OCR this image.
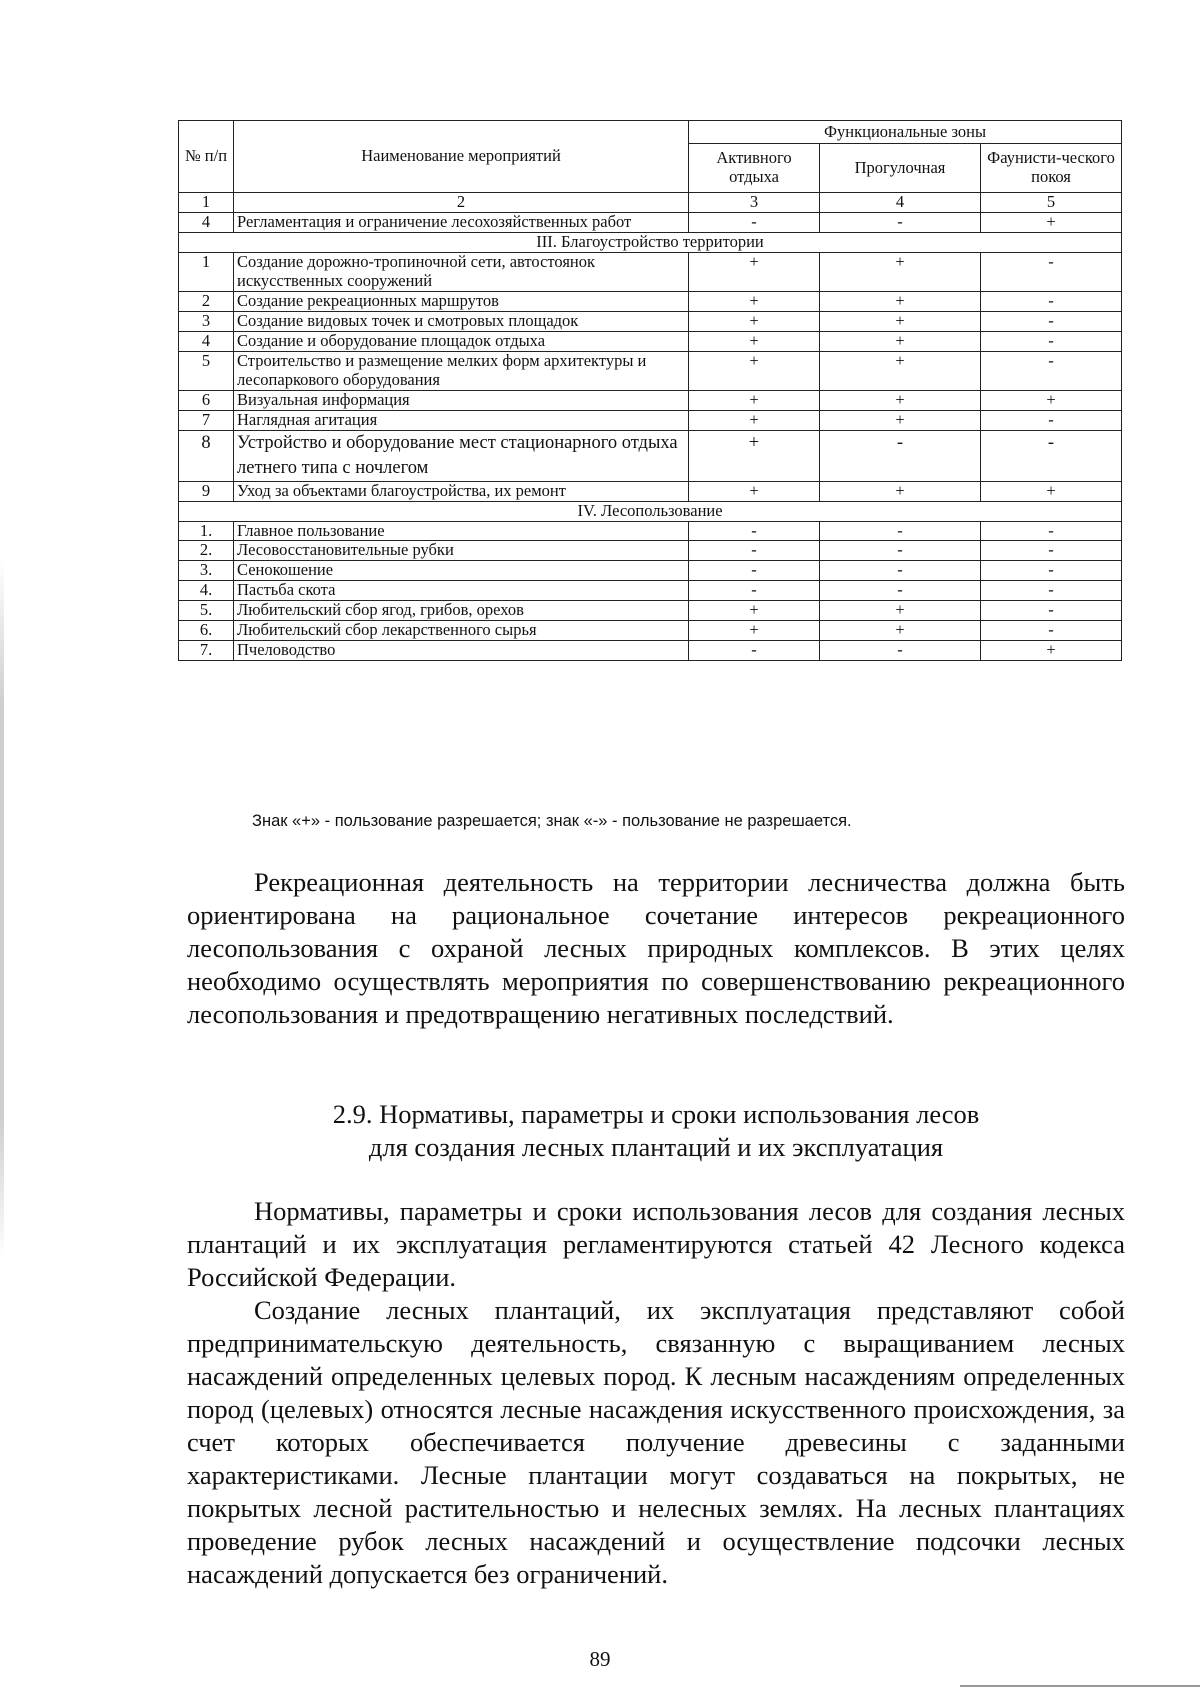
№ п/п	Наименование мероприятий	Функциональные зоны		
		Активного отдыха	Прогулочная	Фаунисти-ческого покоя
1	2	3	4	5
4	Регламентация и ограничение лесохозяйственных работ	-	-	+
III. Благоустройство территории				
1	Создание дорожно-тропиночной сети, автостоянок искусственных сооружений	+	+	-
2	Создание рекреационных маршрутов	+	+	-
3	Создание видовых точек и смотровых площадок	+	+	-
4	Создание и оборудование площадок отдыха	+	+	-
5	Строительство и размещение мелких форм архитектуры и лесопаркового оборудования	+	+	-
6	Визуальная информация	+	+	+
7	Наглядная агитация	+	+	-
8	Устройство и оборудование мест стационарного отдыха летнего типа с ночлегом	+	-	-
9	Уход за объектами благоустройства, их ремонт	+	+	+
IV. Лесопользование				
1.	Главное пользование	-	-	-
2.	Лесовосстановительные рубки	-	-	-
3.	Сенокошение	-	-	-
4.	Пастьба скота	-	-	-
5.	Любительский сбор ягод, грибов, орехов	+	+	-
6.	Любительский сбор лекарственного сырья	+	+	-
7.	Пчеловодство	-	-	+
Знак «+» - пользование разрешается; знак «-» - пользование не разрешается.

Рекреационная деятельность на территории лесничества должна быть ориентирована на рациональное сочетание интересов рекреационного лесопользования с охраной лесных природных комплексов. В этих целях необходимо осуществлять мероприятия по совершенствованию рекреационного лесопользования и предотвращению негативных последствий.

2.9. Нормативы, параметры и сроки использования лесов
для создания лесных плантаций и их эксплуатация

Нормативы, параметры и сроки использования лесов для создания лесных плантаций и их эксплуатация регламентируются статьей 42 Лесного кодекса Российской Федерации.

Создание лесных плантаций, их эксплуатация представляют собой предпринимательскую деятельность, связанную с выращиванием лесных насаждений определенных целевых пород. К лесным насаждениям определенных пород (целевых) относятся лесные насаждения искусственного происхождения, за счет которых обеспечивается получение древесины с заданными характеристиками. Лесные плантации могут создаваться на покрытых, не покрытых лесной растительностью и нелесных землях. На лесных плантациях проведение рубок лесных насаждений и осуществление подсочки лесных насаждений допускается без ограничений.

89
